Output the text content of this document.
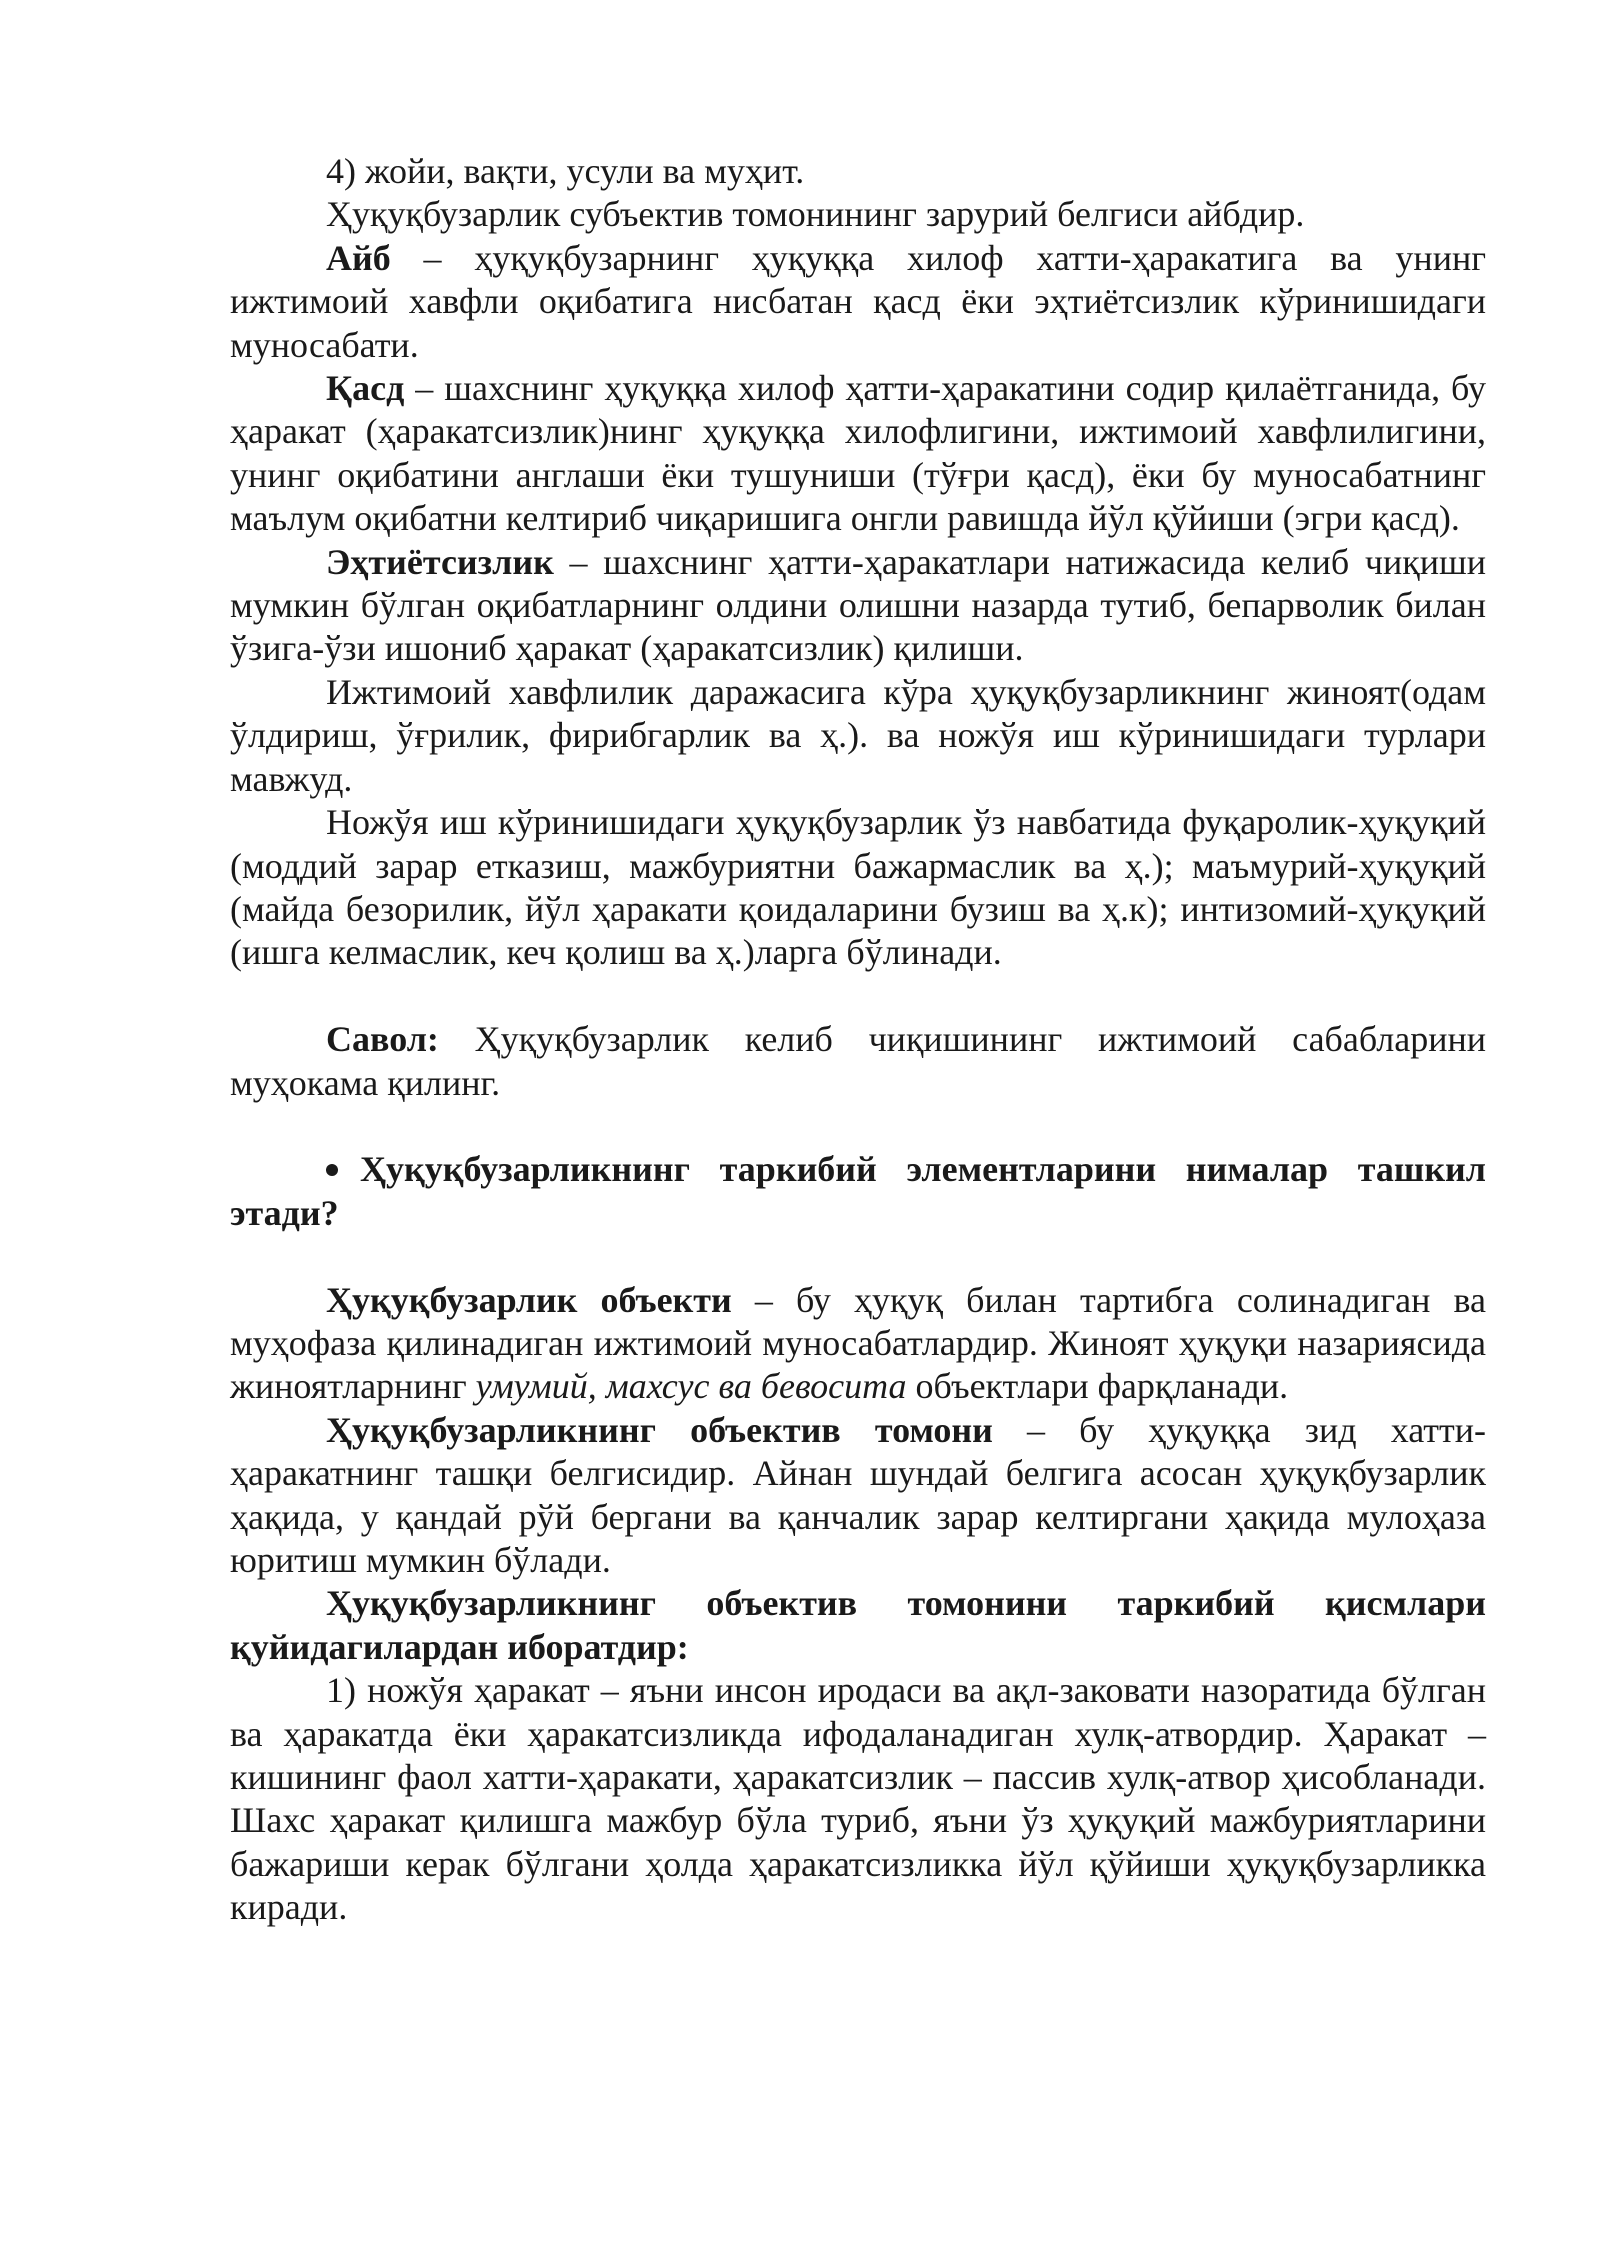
4) жойи, вақти, усули ва муҳит.

Ҳуқуқбузарлик субъектив томонининг зарурий белгиси айбдир.

Айб – ҳуқуқбузарнинг ҳуқуққа хилоф хатти-ҳаракатига ва унинг ижтимоий хавфли оқибатига нисбатан қасд ёки эҳтиётсизлик кўринишидаги муносабати.

Қасд – шахснинг ҳуқуққа хилоф ҳатти-ҳаракатини содир қилаётганида, бу ҳаракат (ҳаракатсизлик)нинг ҳуқуққа хилофлигини, ижтимоий хавфлилигини, унинг оқибатини англаши ёки тушуниши (тўғри қасд), ёки бу муносабатнинг маълум оқибатни келтириб чиқаришига онгли равишда йўл қўйиши (эгри қасд).

Эҳтиётсизлик – шахснинг ҳатти-ҳаракатлари натижасида келиб чиқиши мумкин бўлган оқибатларнинг олдини олишни назарда тутиб, бепарволик билан ўзига-ўзи ишониб ҳаракат (ҳаракатсизлик) қилиши.

Ижтимоий хавфлилик даражасига кўра ҳуқуқбузарликнинг жиноят(одам ўлдириш, ўғрилик, фирибгарлик ва ҳ.). ва ножўя иш кўринишидаги турлари мавжуд.

Ножўя иш кўринишидаги ҳуқуқбузарлик ўз навбатида фуқаролик-ҳуқуқий (моддий зарар етказиш, мажбуриятни бажармаслик ва ҳ.); маъмурий-ҳуқуқий (майда безорилик, йўл ҳаракати қоидаларини бузиш ва ҳ.к); интизомий-ҳуқуқий (ишга келмаслик, кеч қолиш ва ҳ.)ларга бўлинади.

Савол: Ҳуқуқбузарлик келиб чиқишининг ижтимоий сабабларини муҳокама қилинг.

Ҳуқуқбузарликнинг таркибий элементларини нималар ташкил этади?

Ҳуқуқбузарлик объекти – бу ҳуқуқ билан тартибга солинадиган ва муҳофаза қилинадиган ижтимоий муносабатлардир. Жиноят ҳуқуқи назариясида жиноятларнинг умумий, махсус ва бевосита объектлари фарқланади.

Ҳуқуқбузарликнинг объектив томони – бу ҳуқуққа зид хатти-ҳаракатнинг ташқи белгисидир. Айнан шундай белгига асосан ҳуқуқбузарлик ҳақида, у қандай рўй бергани ва қанчалик зарар келтиргани ҳақида мулоҳаза юритиш мумкин бўлади.

Ҳуқуқбузарликнинг объектив томонини таркибий қисмлари қуйидагилардан иборатдир:

1) ножўя ҳаракат – яъни инсон иродаси ва ақл-заковати назоратида бўлган ва ҳаракатда ёки ҳаракатсизликда ифодаланадиган хулқ-атвордир. Ҳаракат – кишининг фаол хатти-ҳаракати, ҳаракатсизлик – пассив хулқ-атвор ҳисобланади. Шахс ҳаракат қилишга мажбур бўла туриб, яъни ўз ҳуқуқий мажбуриятларини бажариши керак бўлгани ҳолда ҳаракатсизликка йўл қўйиши ҳуқуқбузарликка киради.
